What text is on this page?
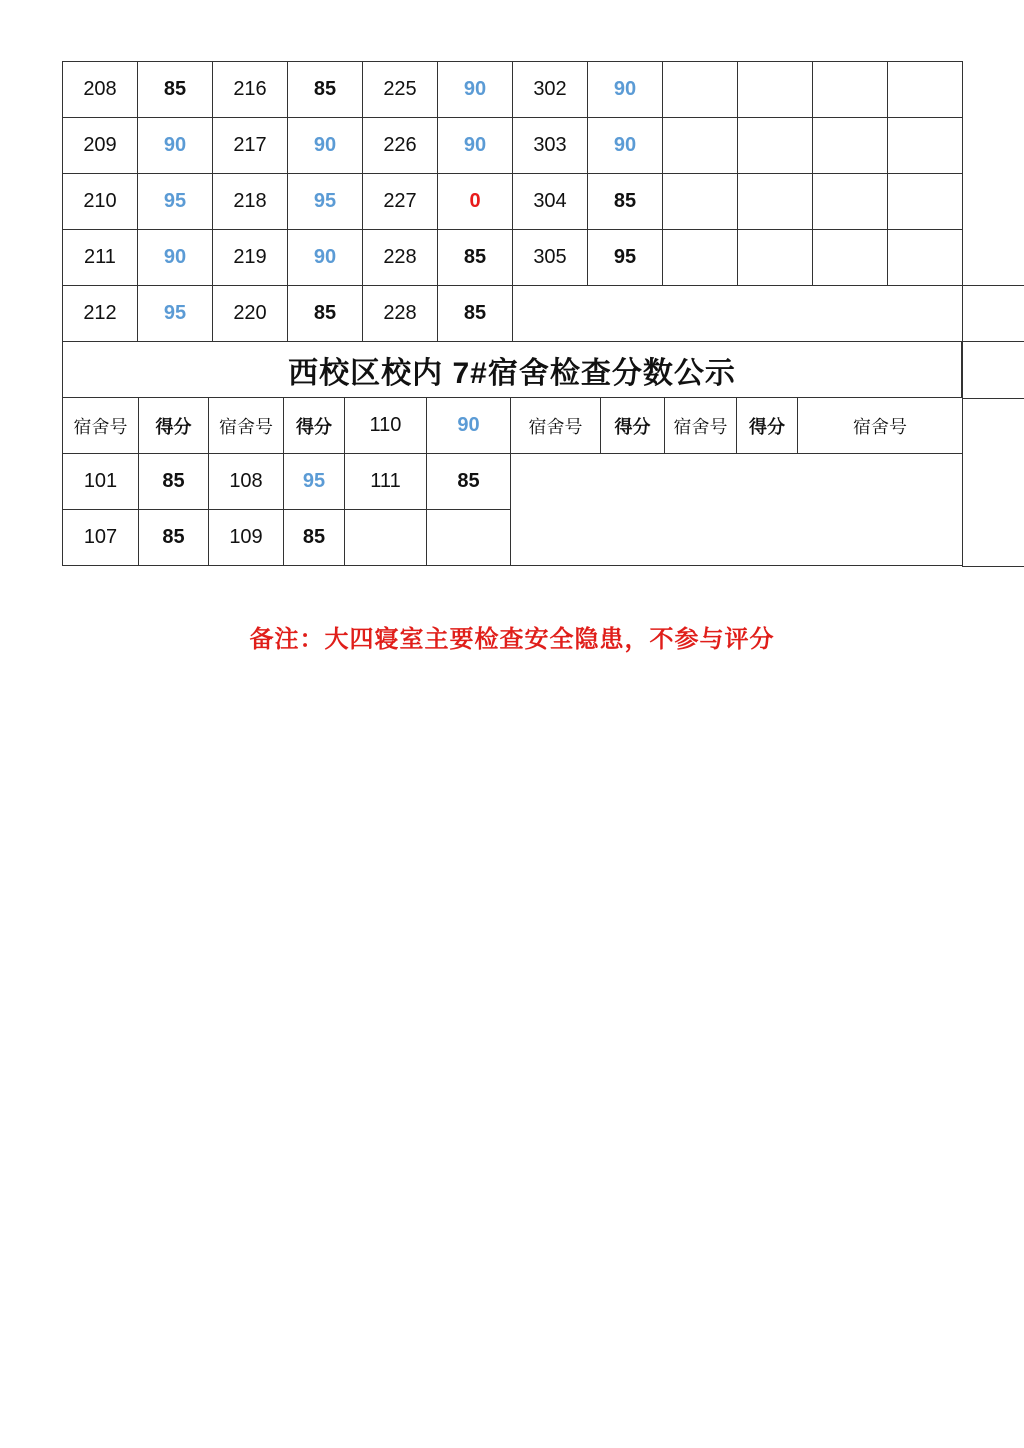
208	85	216	85	225	90	302	90				
209	90	217	90	226	90	303	90				
210	95	218	95	227	0	304	85				
211	90	219	90	228	85	305	95				
212	95	220	85	228	85						
西校区校内 7#宿舍检查分数公示
宿舍号	得分	宿舍号	得分	110	90	宿舍号	得分	宿舍号	得分	宿舍号
101	85	108	95	111	85					
107	85	109	85							
备注：大四寝室主要检查安全隐患，不参与评分
